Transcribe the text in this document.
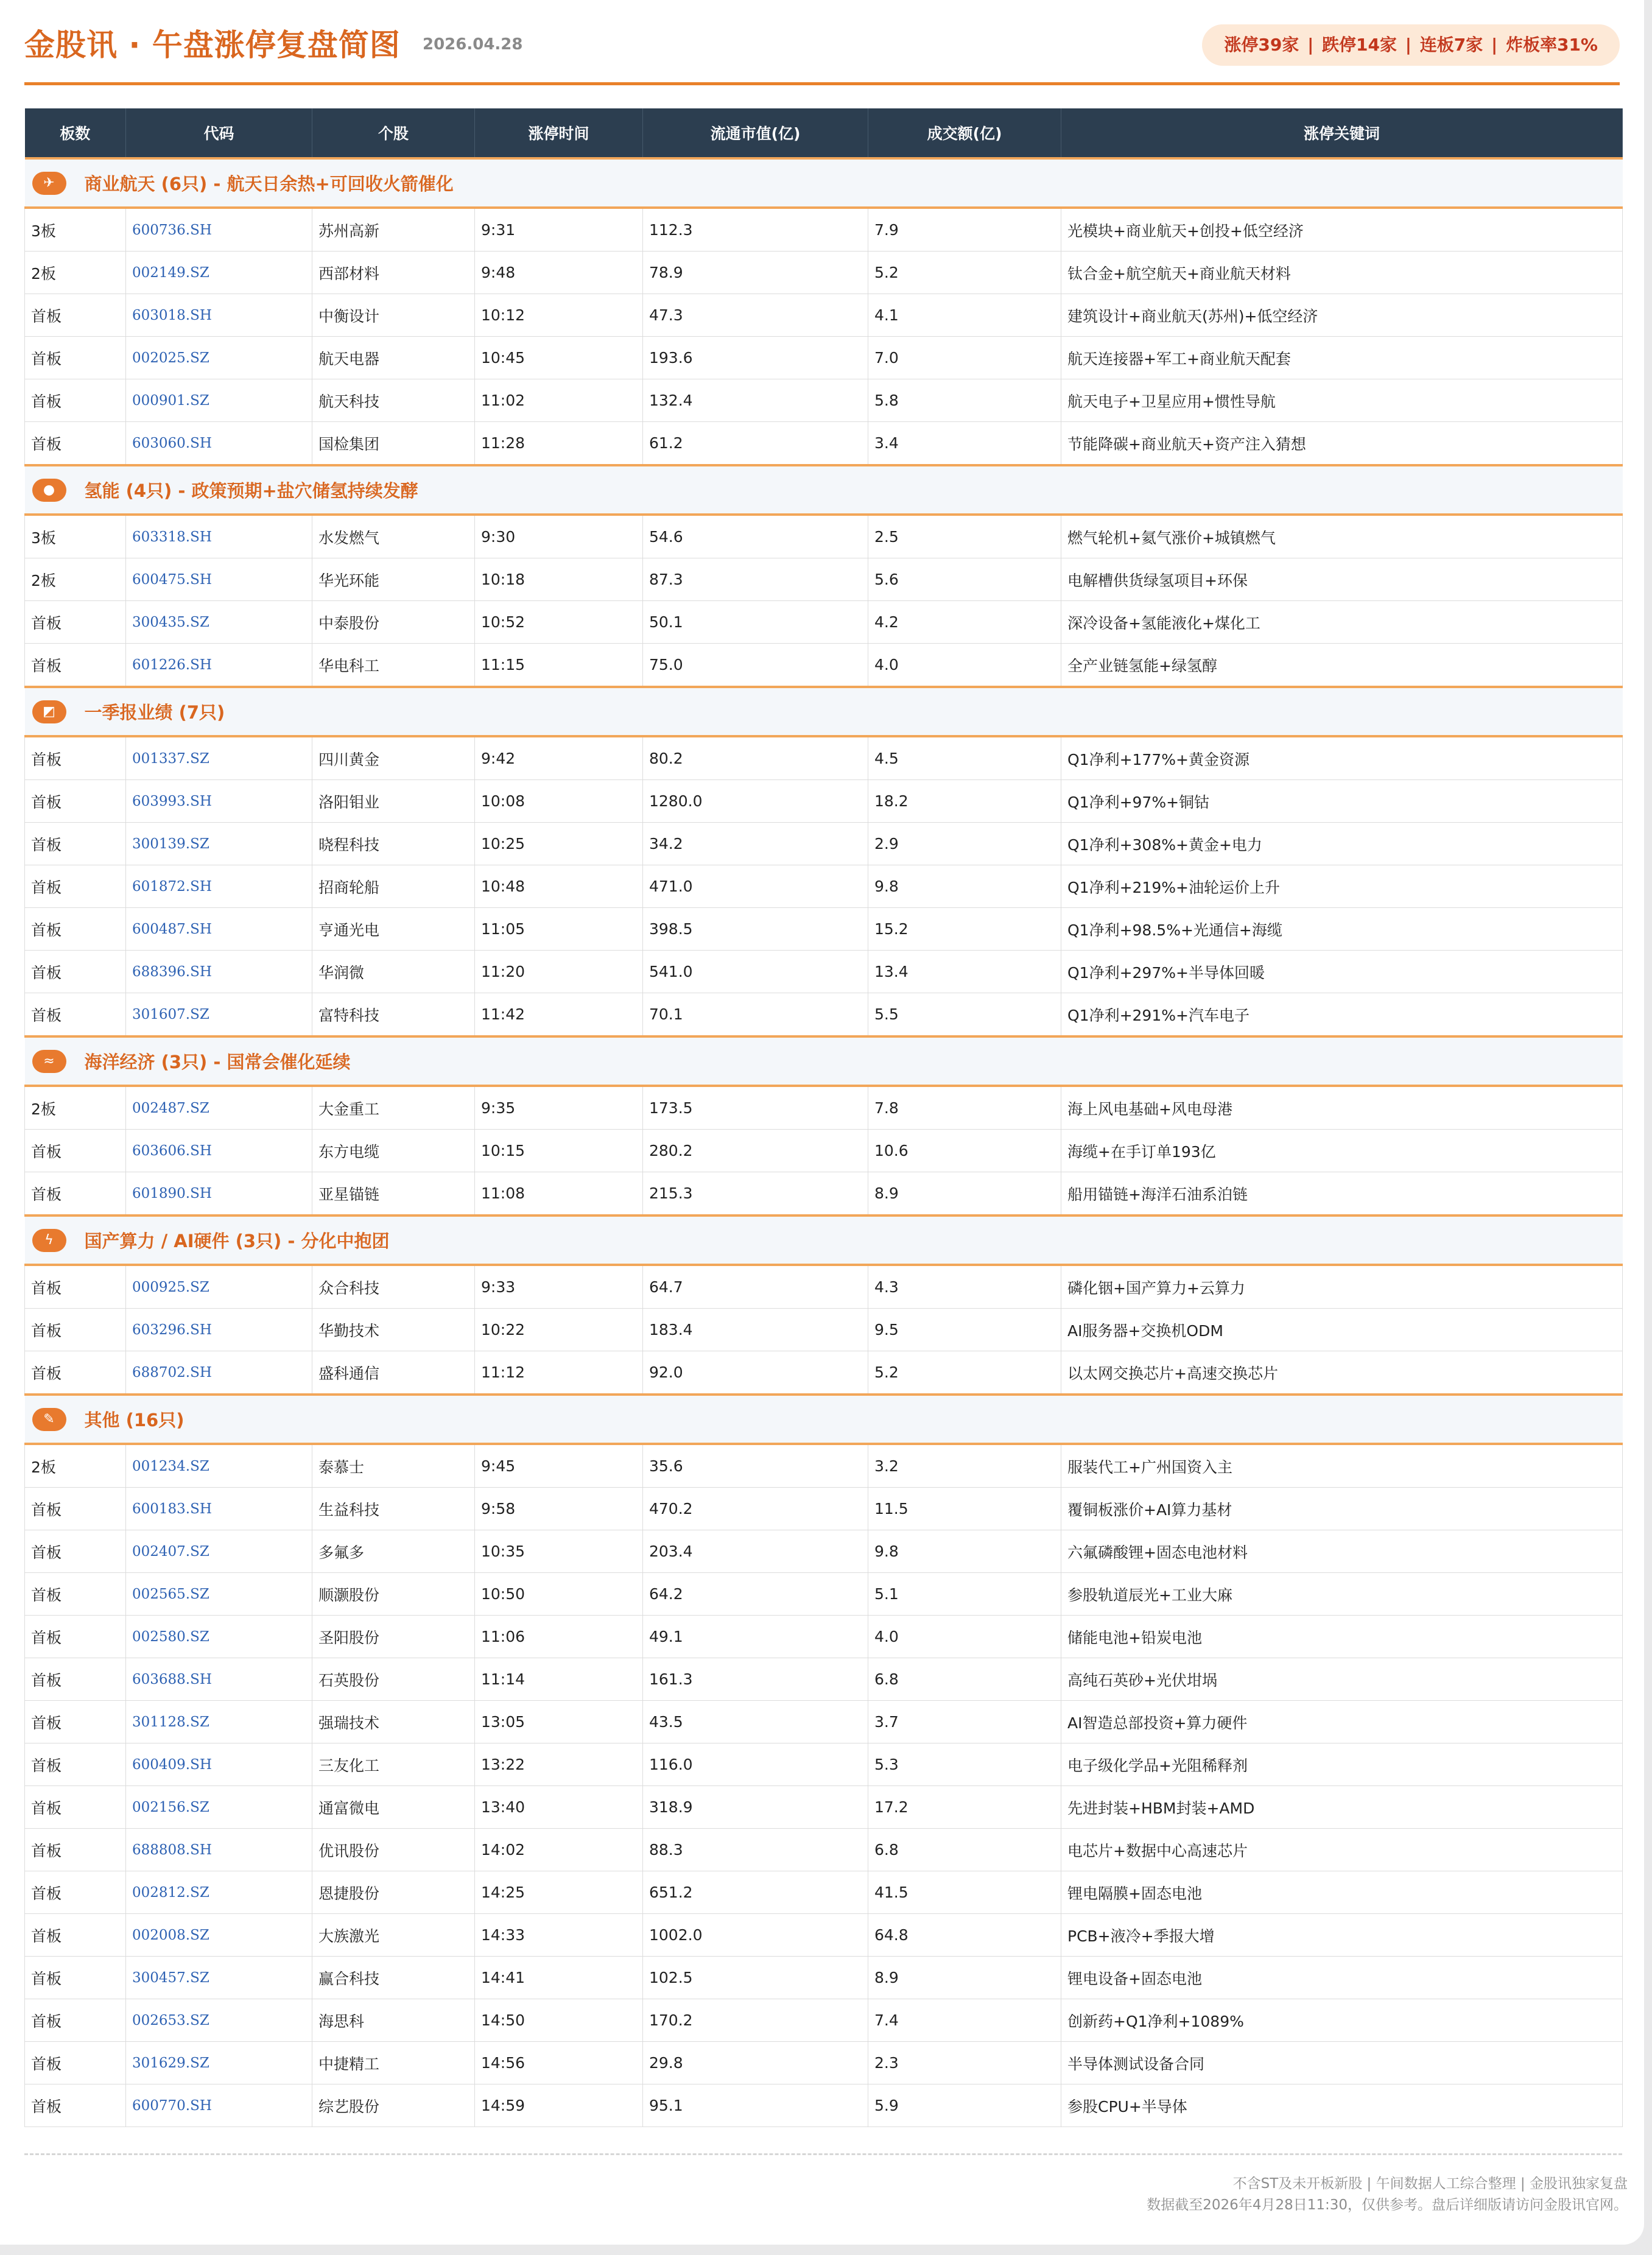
金股讯 · 午盘涨停复盘简图 2026.04.28	涨停39家 | 跌停14家 | 连板7家 | 炸板率31%
板数	代码	个股	涨停时间	流通市值(亿)	成交额(亿)	涨停关键词
✈ 商业航天 (6只) - 航天日余热+可回收火箭催化						
3板	600736.SH	苏州高新	9:31	112.3	7.9	光模块+商业航天+创投+低空经济
2板	002149.SZ	西部材料	9:48	78.9	5.2	钛合金+航空航天+商业航天材料
首板	603018.SH	中衡设计	10:12	47.3	4.1	建筑设计+商业航天(苏州)+低空经济
首板	002025.SZ	航天电器	10:45	193.6	7.0	航天连接器+军工+商业航天配套
首板	000901.SZ	航天科技	11:02	132.4	5.8	航天电子+卫星应用+惯性导航
首板	603060.SH	国检集团	11:28	61.2	3.4	节能降碳+商业航天+资产注入猜想
● 氢能 (4只) - 政策预期+盐穴储氢持续发酵						
3板	603318.SH	水发燃气	9:30	54.6	2.5	燃气轮机+氦气涨价+城镇燃气
2板	600475.SH	华光环能	10:18	87.3	5.6	电解槽供货绿氢项目+环保
首板	300435.SZ	中泰股份	10:52	50.1	4.2	深冷设备+氢能液化+煤化工
首板	601226.SH	华电科工	11:15	75.0	4.0	全产业链氢能+绿氢醇
◩ 一季报业绩 (7只)						
首板	001337.SZ	四川黄金	9:42	80.2	4.5	Q1净利+177%+黄金资源
首板	603993.SH	洛阳钼业	10:08	1280.0	18.2	Q1净利+97%+铜钴
首板	300139.SZ	晓程科技	10:25	34.2	2.9	Q1净利+308%+黄金+电力
首板	601872.SH	招商轮船	10:48	471.0	9.8	Q1净利+219%+油轮运价上升
首板	600487.SH	亨通光电	11:05	398.5	15.2	Q1净利+98.5%+光通信+海缆
首板	688396.SH	华润微	11:20	541.0	13.4	Q1净利+297%+半导体回暖
首板	301607.SZ	富特科技	11:42	70.1	5.5	Q1净利+291%+汽车电子
≈ 海洋经济 (3只) - 国常会催化延续						
2板	002487.SZ	大金重工	9:35	173.5	7.8	海上风电基础+风电母港
首板	603606.SH	东方电缆	10:15	280.2	10.6	海缆+在手订单193亿
首板	601890.SH	亚星锚链	11:08	215.3	8.9	船用锚链+海洋石油系泊链
ϟ 国产算力 / AI硬件 (3只) - 分化中抱团						
首板	000925.SZ	众合科技	9:33	64.7	4.3	磷化铟+国产算力+云算力
首板	603296.SH	华勤技术	10:22	183.4	9.5	AI服务器+交换机ODM
首板	688702.SH	盛科通信	11:12	92.0	5.2	以太网交换芯片+高速交换芯片
✎ 其他 (16只)						
2板	001234.SZ	泰慕士	9:45	35.6	3.2	服装代工+广州国资入主
首板	600183.SH	生益科技	9:58	470.2	11.5	覆铜板涨价+AI算力基材
首板	002407.SZ	多氟多	10:35	203.4	9.8	六氟磷酸锂+固态电池材料
首板	002565.SZ	顺灏股份	10:50	64.2	5.1	参股轨道辰光+工业大麻
首板	002580.SZ	圣阳股份	11:06	49.1	4.0	储能电池+铅炭电池
首板	603688.SH	石英股份	11:14	161.3	6.8	高纯石英砂+光伏坩埚
首板	301128.SZ	强瑞技术	13:05	43.5	3.7	AI智造总部投资+算力硬件
首板	600409.SH	三友化工	13:22	116.0	5.3	电子级化学品+光阻稀释剂
首板	002156.SZ	通富微电	13:40	318.9	17.2	先进封装+HBM封装+AMD
首板	688808.SH	优讯股份	14:02	88.3	6.8	电芯片+数据中心高速芯片
首板	002812.SZ	恩捷股份	14:25	651.2	41.5	锂电隔膜+固态电池
首板	002008.SZ	大族激光	14:33	1002.0	64.8	PCB+液冷+季报大增
首板	300457.SZ	赢合科技	14:41	102.5	8.9	锂电设备+固态电池
首板	002653.SZ	海思科	14:50	170.2	7.4	创新药+Q1净利+1089%
首板	301629.SZ	中捷精工	14:56	29.8	2.3	半导体测试设备合同
首板	600770.SH	综艺股份	14:59	95.1	5.9	参股CPU+半导体
不含ST及未开板新股 | 午间数据人工综合整理 | 金股讯独家复盘
数据截至2026年4月28日11:30，仅供参考。盘后详细版请访问金股讯官网。
